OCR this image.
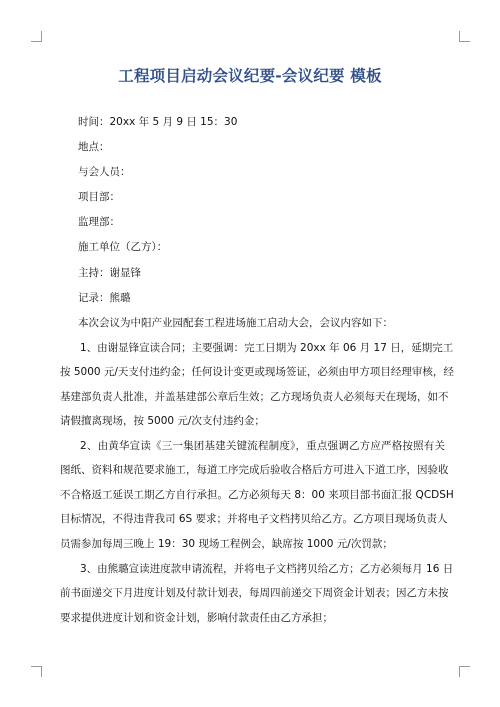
工程项目启动会议纪要-会议纪要 模板
时间：20xx 年 5 月 9 日 15：30
地点：
与会人员：
项目部：
监理部：
施工单位（乙方）：
主持：谢显锋
记录：熊璐
本次会议为中阳产业园配套工程进场施工启动大会，会议内容如下：
1、由谢显锋宣读合同；主要强调：完工日期为 20xx 年 06 月 17 日，延期完工
按 5000 元/天支付违约金；任何设计变更或现场签证，必须由甲方项目经理审核，经
基建部负责人批准，并盖基建部公章后生效；乙方现场负责人必须每天在现场，如不
请假擅离现场，按 5000 元/次支付违约金；
2、由黄华宣读《三一集团基建关键流程制度》，重点强调乙方应严格按照有关
图纸、资料和规范要求施工，每道工序完成后验收合格后方可进入下道工序，因验收
不合格返工延误工期乙方自行承担。乙方必须每天 8：00 来项目部书面汇报 QCDSH
目标情况，不得违背我司 6S 要求；并将电子文档拷贝给乙方。乙方项目现场负责人
员需参加每周三晚上 19：30 现场工程例会，缺席按 1000 元/次罚款；
3、由熊璐宣读进度款申请流程，并将电子文档拷贝给乙方；乙方必须每月 16 日
前书面递交下月进度计划及付款计划表，每周四前递交下周资金计划表；因乙方未按
要求提供进度计划和资金计划，影响付款责任由乙方承担；
